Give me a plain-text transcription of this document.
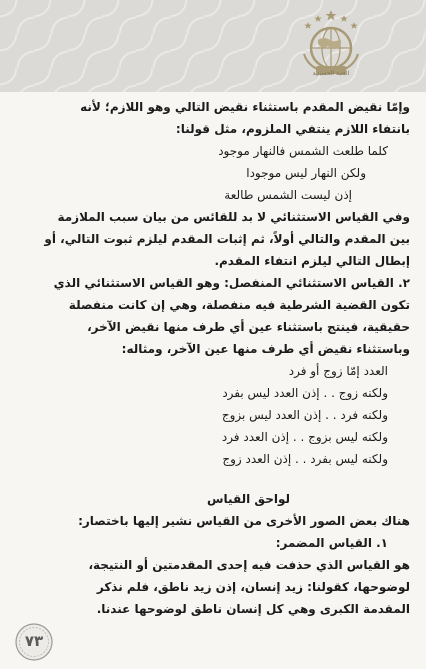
العتبة الحسينية
وإمّا نقيض المقدم باستثناء نقيض التالي وهو اللازم؛ لأنه
بانتفاء اللازم ينتفي الملزوم، مثل قولنا:
كلما طلعت الشمس فالنهار موجود
ولكن النهار ليس موجودا
إذن ليست الشمس طالعة
وفي القياس الاستثنائي لا بد للقائس من بيان سبب الملازمة
بين المقدم والتالي أولاً، ثم إثبات المقدم ليلزم ثبوت التالي، أو
إبطال التالي ليلزم انتفاء المقدم.
٢. القياس الاستثنائي المنفصل: وهو القياس الاستثنائي الذي
تكون القضية الشرطية فيه منفصلة، وهي إن كانت منفصلة
حقيقية، فينتج باستثناء عين أي طرف منها نقيض الآخر،
وباستثناء نقيض أي طرف منها عين الآخر، ومثاله:
العدد إمّا زوج أو فرد
ولكنه زوج . . إذن العدد ليس بفرد
ولكنه فرد . . إذن العدد ليس بزوج
ولكنه ليس بزوج . . إذن العدد فرد
ولكنه ليس بفرد . . إذن العدد زوج
لواحق القياس
هناك بعض الصور الأخرى من القياس نشير إليها باختصار:
١. القياس المضمر:
هو القياس الذي حذفت فيه إحدى المقدمتين أو النتيجة،
لوضوحها، كقولنا: زيد إنسان، إذن زيد ناطق، فلم نذكر
المقدمة الكبرى وهي كل إنسان ناطق لوضوحها عندنا.
٧٣
